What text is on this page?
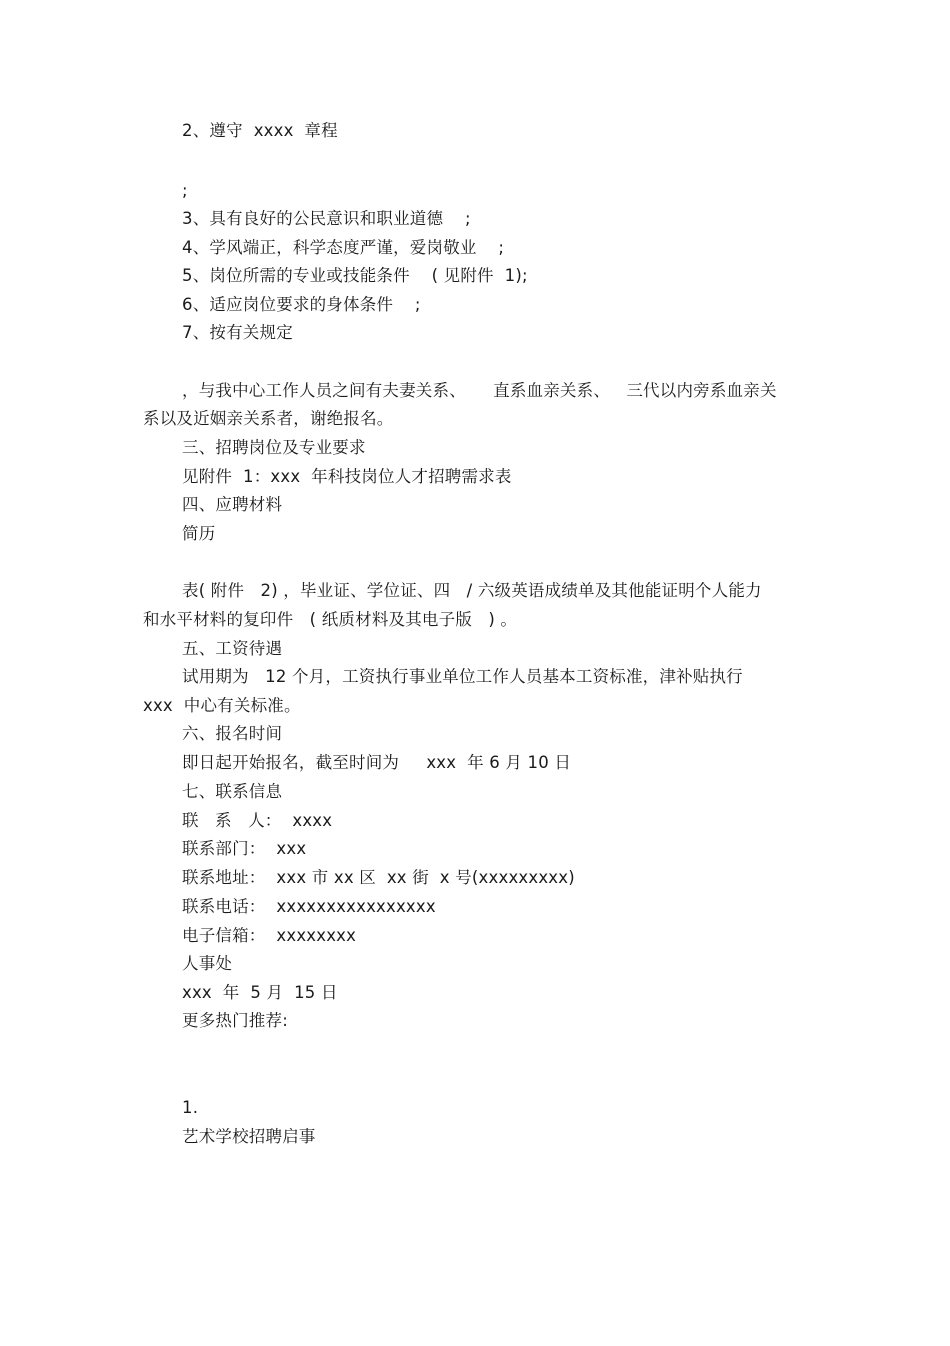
2、遵守  xxxx  章程
;
3、具有良好的公民意识和职业道德    ;
4、学风端正，科学态度严谨，爱岗敬业    ;
5、岗位所需的专业或技能条件    ( 见附件  1);
6、适应岗位要求的身体条件    ;
7、按有关规定
，与我中心工作人员之间有夫妻关系、     直系血亲关系、   三代以内旁系血亲关
系以及近姻亲关系者，谢绝报名。
三、招聘岗位及专业要求
见附件  1：xxx  年科技岗位人才招聘需求表
四、应聘材料
简历
表( 附件   2) ，毕业证、学位证、四   / 六级英语成绩单及其他能证明个人能力
和水平材料的复印件   ( 纸质材料及其电子版   ) 。
五、工资待遇
试用期为   12 个月，工资执行事业单位工作人员基本工资标准，津补贴执行
xxx  中心有关标准。
六、报名时间
即日起开始报名，截至时间为     xxx  年 6 月 10 日
七、联系信息
联   系   人：  xxxx
联系部门：  xxx
联系地址：  xxx 市 xx 区  xx 街  x 号(xxxxxxxxx)
联系电话：  xxxxxxxxxxxxxxxx
电子信箱：  xxxxxxxx
人事处
xxx  年  5 月  15 日
更多热门推荐:
1.
艺术学校招聘启事
